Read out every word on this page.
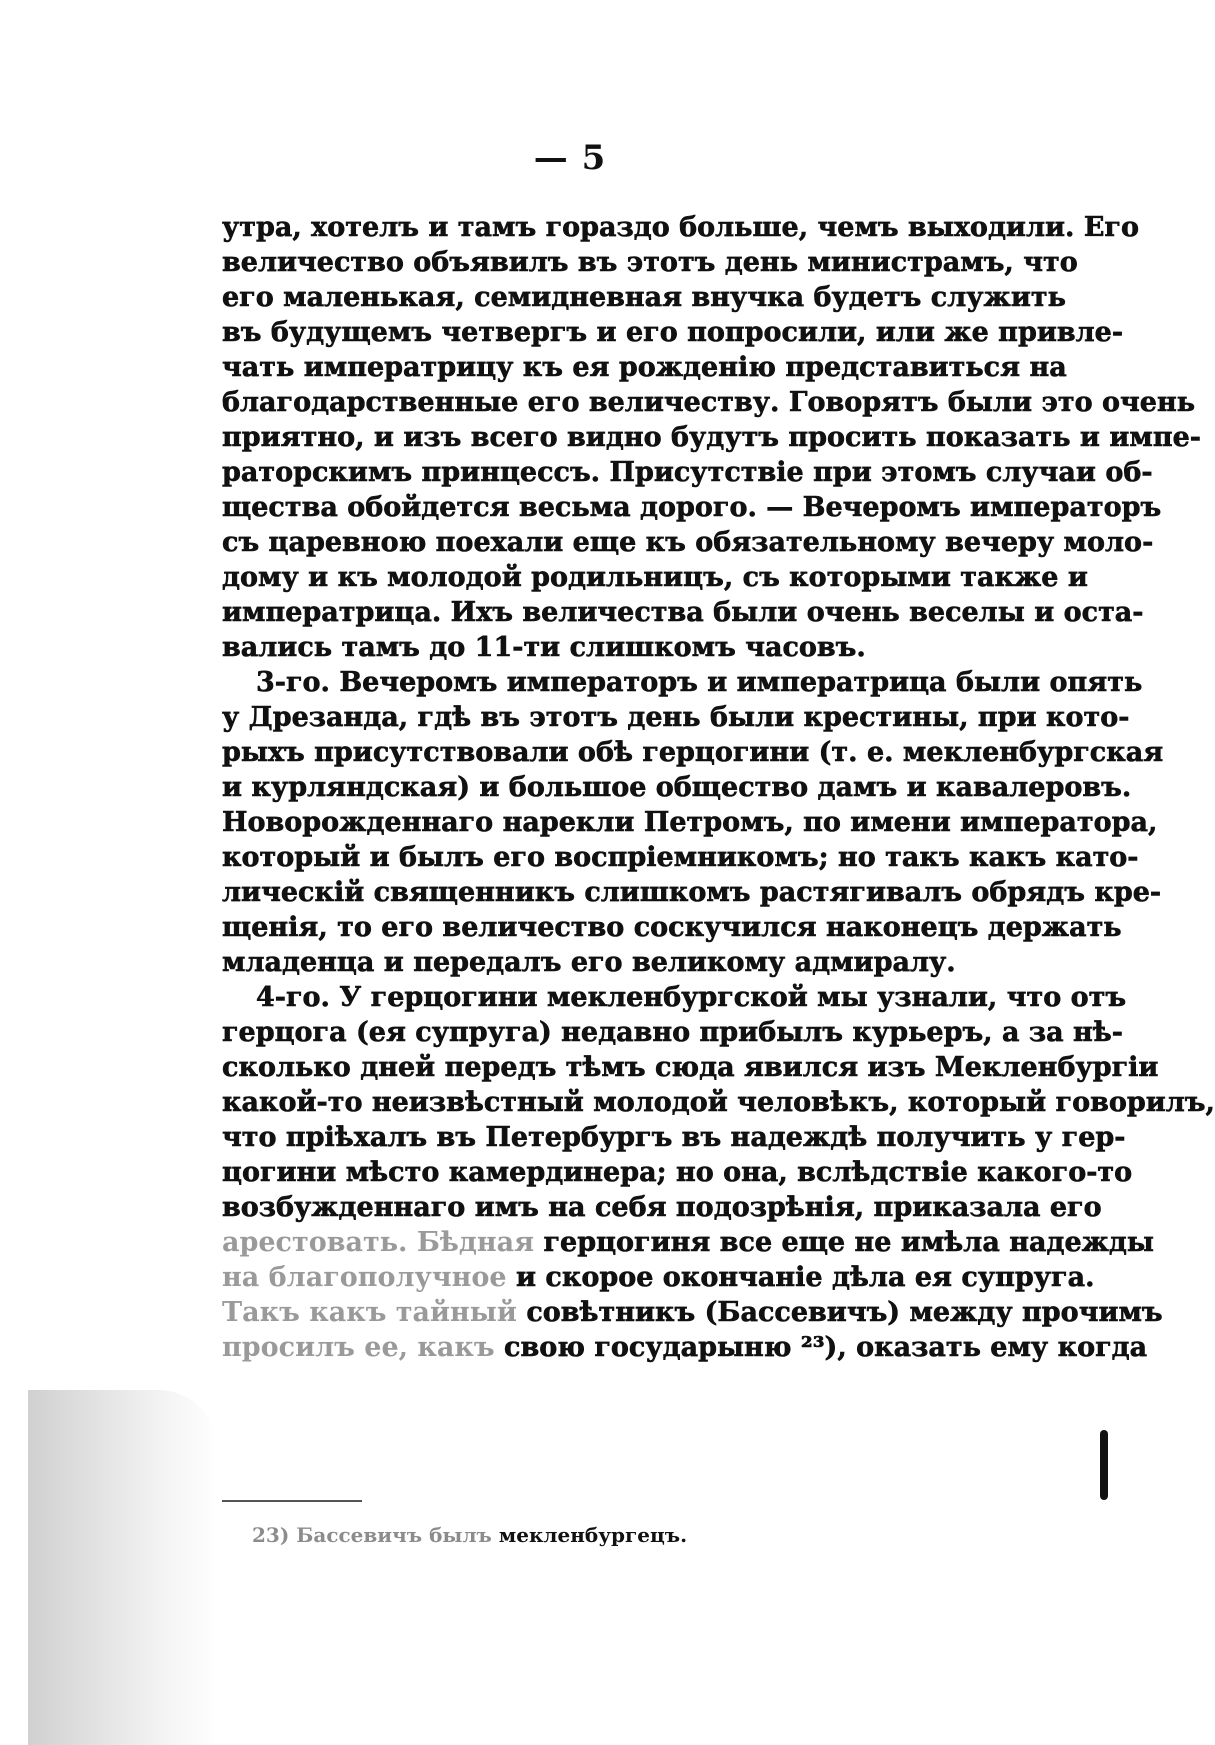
— 5
утра, хотелъ и тамъ гораздо больше, чемъ выходили. Его
величество объявилъ въ этотъ день министрамъ, что
его маленькая, семидневная внучка будетъ служить
въ будущемъ четвергъ и его попросили, или же привле-
чать императрицу къ ея рожденію представиться на
благодарственные его величеству. Говорятъ были это очень
приятно, и изъ всего видно будутъ просить показать и импе-
раторскимъ принцессъ. Присутствіе при этомъ случаи об-
щества обойдется весьма дорого. — Вечеромъ императоръ
съ царевною поехали еще къ обязательному вечеру моло-
дому и къ молодой родильницъ, съ которыми также и
императрица. Ихъ величества были очень веселы и оста-
вались тамъ до 11-ти слишкомъ часовъ.
3-го. Вечеромъ императоръ и императрица были опять
у Дрезанда, гдѣ въ этотъ день были крестины, при кото-
рыхъ присутствовали обѣ герцогини (т. е. мекленбургская
и курляндская) и большое общество дамъ и кавалеровъ.
Новорожденнаго нарекли Петромъ, по имени императора,
который и былъ его воспріемникомъ; но такъ какъ като-
лическій священникъ слишкомъ растягивалъ обрядъ кре-
щенія, то его величество соскучился наконецъ держать
младенца и передалъ его великому адмиралу.
4-го. У герцогини мекленбургской мы узнали, что отъ
герцога (ея супруга) недавно прибылъ курьеръ, а за нѣ-
сколько дней передъ тѣмъ сюда явился изъ Мекленбургіи
какой-то неизвѣстный молодой человѣкъ, который говорилъ,
что пріѣхалъ въ Петербургъ въ надеждѣ получить у гер-
цогини мѣсто камердинера; но она, вслѣдствіе какого-то
возбужденнаго имъ на себя подозрѣнія, приказала его
арестовать. Бѣдная герцогиня все еще не имѣла надежды
на благополучное и скорое окончаніе дѣла ея супруга.
Такъ какъ тайный совѣтникъ (Бассевичъ) между прочимъ
просилъ ее, какъ свою государыню ²³), оказать ему когда
23) Бассевичъ былъ мекленбургецъ.
